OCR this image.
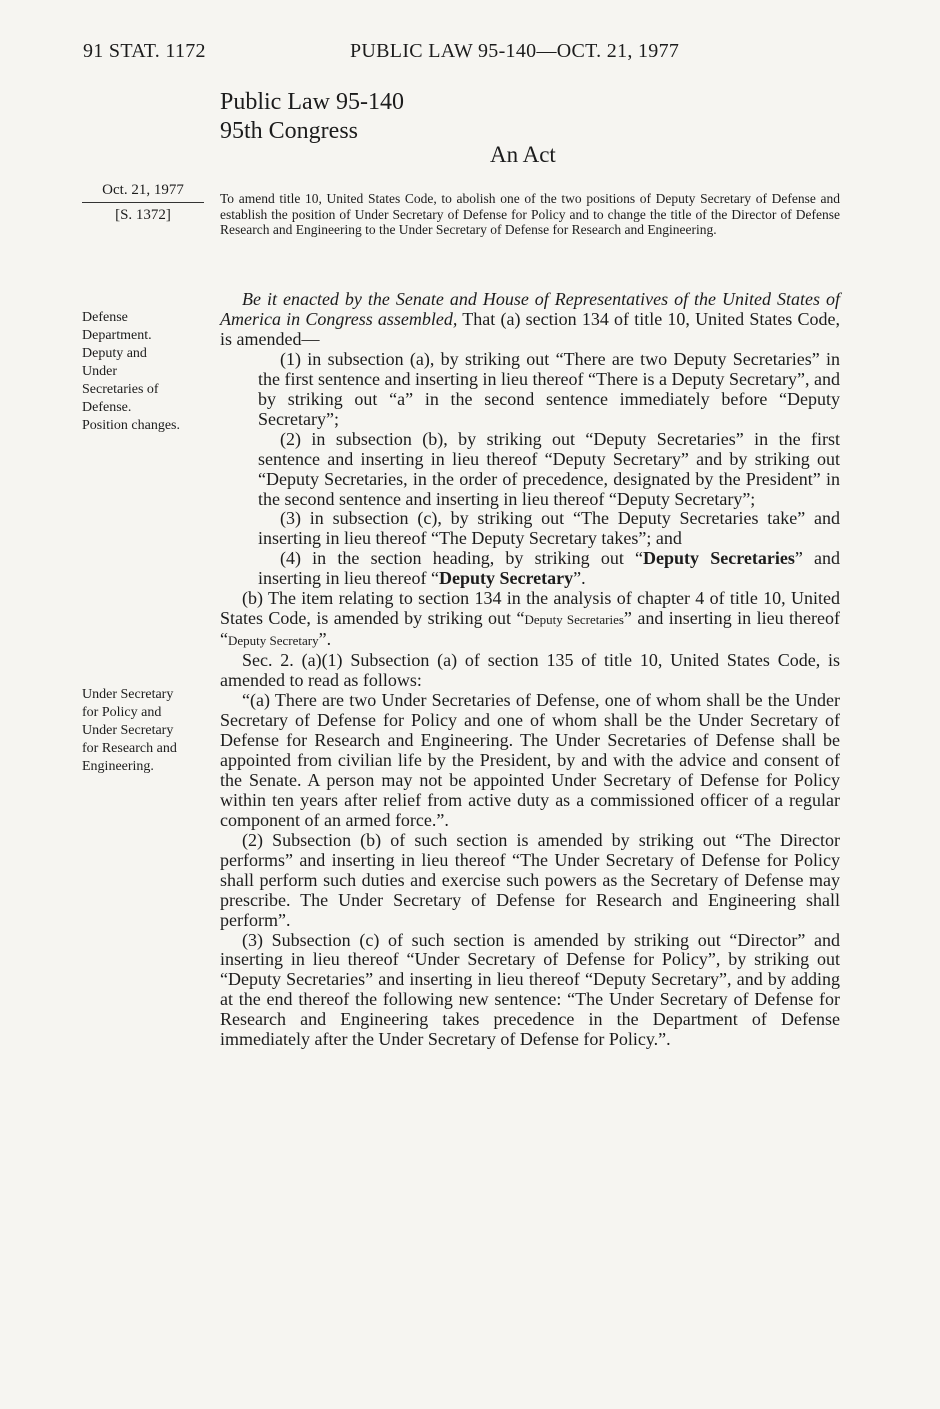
91 STAT. 1172	PUBLIC LAW 95-140—OCT. 21, 1977
Public Law 95-140
95th Congress
An Act
Oct. 21, 1977
[S. 1372]
To amend title 10, United States Code, to abolish one of the two positions of Deputy Secretary of Defense and establish the position of Under Secretary of Defense for Policy and to change the title of the Director of Defense Research and Engineering to the Under Secretary of Defense for Research and Engineering.
Defense
Department.
Deputy and
Under
Secretaries of
Defense.
Position changes.
Under Secretary
for Policy and
Under Secretary
for Research and
Engineering.

Be it enacted by the Senate and House of Representatives of the United States of America in Congress assembled, That (a) section 134 of title 10, United States Code, is amended—

(1) in subsection (a), by striking out “There are two Deputy Secretaries” in the first sentence and inserting in lieu thereof “There is a Deputy Secretary”, and by striking out “a” in the second sentence immediately before “Deputy Secretary”;

(2) in subsection (b), by striking out “Deputy Secretaries” in the first sentence and inserting in lieu thereof “Deputy Secretary” and by striking out “Deputy Secretaries, in the order of precedence, designated by the President” in the second sentence and inserting in lieu thereof “Deputy Secretary”;

(3) in subsection (c), by striking out “The Deputy Secretaries take” and inserting in lieu thereof “The Deputy Secretary takes”; and

(4) in the section heading, by striking out “Deputy Secretaries” and inserting in lieu thereof “Deputy Secretary”.

(b) The item relating to section 134 in the analysis of chapter 4 of title 10, United States Code, is amended by striking out “Deputy Secretaries” and inserting in lieu thereof “Deputy Secretary”.

Sec. 2. (a)(1) Subsection (a) of section 135 of title 10, United States Code, is amended to read as follows:

“(a) There are two Under Secretaries of Defense, one of whom shall be the Under Secretary of Defense for Policy and one of whom shall be the Under Secretary of Defense for Research and Engineering. The Under Secretaries of Defense shall be appointed from civilian life by the President, by and with the advice and consent of the Senate. A person may not be appointed Under Secretary of Defense for Policy within ten years after relief from active duty as a commissioned officer of a regular component of an armed force.”.

(2) Subsection (b) of such section is amended by striking out “The Director performs” and inserting in lieu thereof “The Under Secretary of Defense for Policy shall perform such duties and exercise such powers as the Secretary of Defense may prescribe. The Under Secretary of Defense for Research and Engineering shall perform”.

(3) Subsection (c) of such section is amended by striking out “Director” and inserting in lieu thereof “Under Secretary of Defense for Policy”, by striking out “Deputy Secretaries” and inserting in lieu thereof “Deputy Secretary”, and by adding at the end thereof the following new sentence: “The Under Secretary of Defense for Research and Engineering takes precedence in the Department of Defense immediately after the Under Secretary of Defense for Policy.”.
